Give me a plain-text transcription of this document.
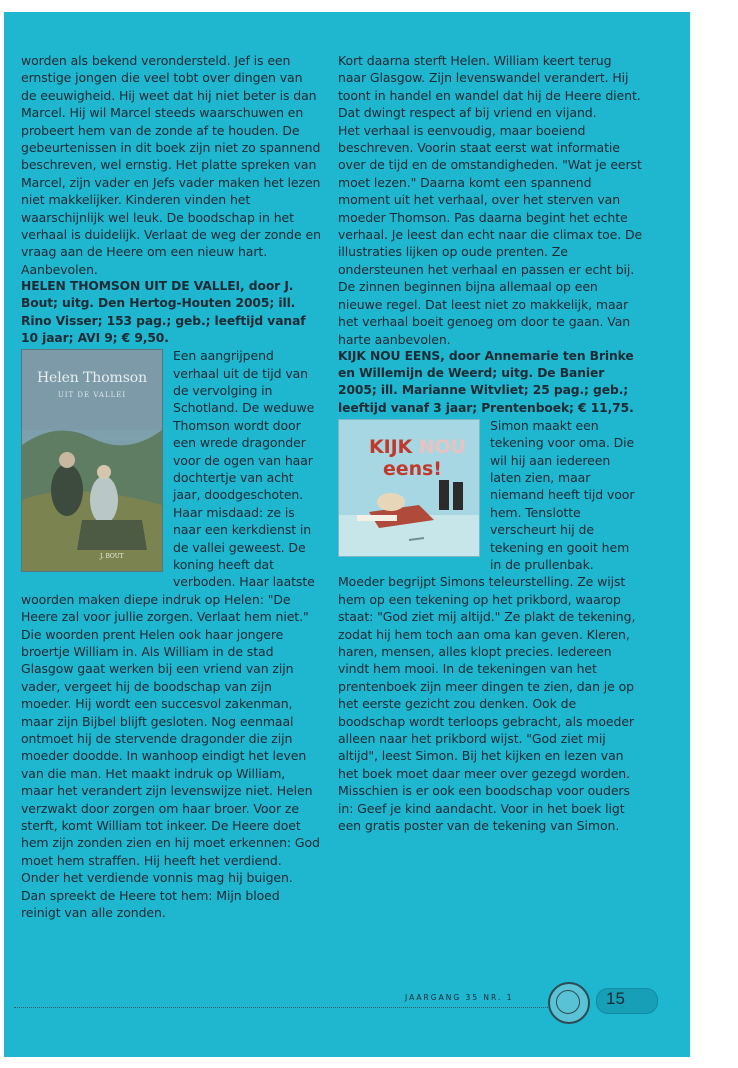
worden als bekend verondersteld. Jef is een ernstige jongen die veel tobt over dingen van de eeuwigheid. Hij weet dat hij niet beter is dan Marcel. Hij wil Marcel steeds waarschuwen en probeert hem van de zonde af te houden. De gebeurtenissen in dit boek zijn niet zo spannend beschreven, wel ernstig. Het platte spreken van Marcel, zijn vader en Jefs vader maken het lezen niet makkelijker. Kinderen vinden het waarschijnlijk wel leuk. De boodschap in het verhaal is duidelijk. Verlaat de weg der zonde en vraag aan de Heere om een nieuw hart. Aanbevolen.

HELEN THOMSON UIT DE VALLEI, door J. Bout; uitg. Den Hertog-Houten 2005; ill. Rino Visser; 153 pag.; geb.; leeftijd vanaf 10 jaar; AVI 9; € 9,50.

Helen Thomson
UIT DE VALLEI
J. BOUT
Een aangrijpend verhaal uit de tijd van de vervolging in Schotland. De weduwe Thomson wordt door een wrede dragonder voor de ogen van haar dochtertje van acht jaar, doodgeschoten. Haar misdaad: ze is naar een kerkdienst in de vallei geweest. De koning heeft dat verboden. Haar laatste woorden maken diepe indruk op Helen: "De Heere zal voor jullie zorgen. Verlaat hem niet." Die woorden prent Helen ook haar jongere broertje William in. Als William in de stad Glasgow gaat werken bij een vriend van zijn vader, vergeet hij de boodschap van zijn moeder. Hij wordt een succesvol zakenman, maar zijn Bijbel blijft gesloten. Nog eenmaal ontmoet hij de stervende dragonder die zijn moeder doodde. In wanhoop eindigt het leven van die man. Het maakt indruk op William, maar het verandert zijn levenswijze niet. Helen verzwakt door zorgen om haar broer. Voor ze sterft, komt William tot inkeer. De Heere doet hem zijn zonden zien en hij moet erkennen: God moet hem straffen. Hij heeft het verdiend. Onder het verdiende vonnis mag hij buigen. Dan spreekt de Heere tot hem: Mijn bloed reinigt van alle zonden.

Kort daarna sterft Helen. William keert terug naar Glasgow. Zijn levenswandel verandert. Hij toont in handel en wandel dat hij de Heere dient. Dat dwingt respect af bij vriend en vijand.

Het verhaal is eenvoudig, maar boeiend beschreven. Voorin staat eerst wat informatie over de tijd en de omstandigheden. "Wat je eerst moet lezen." Daarna komt een spannend moment uit het verhaal, over het sterven van moeder Thomson. Pas daarna begint het echte verhaal. Je leest dan echt naar die climax toe. De illustraties lijken op oude prenten. Ze ondersteunen het verhaal en passen er echt bij. De zinnen beginnen bijna allemaal op een nieuwe regel. Dat leest niet zo makkelijk, maar het verhaal boeit genoeg om door te gaan. Van harte aanbevolen.

KIJK NOU EENS, door Annemarie ten Brinke en Willemijn de Weerd; uitg. De Banier 2005; ill. Marianne Witvliet; 25 pag.; geb.; leeftijd vanaf 3 jaar; Prentenboek; € 11,75.

KIJK NOU
eens!
Simon maakt een tekening voor oma. Die wil hij aan iedereen laten zien, maar niemand heeft tijd voor hem. Tenslotte verscheurt hij de tekening en gooit hem in de prullenbak. Moeder begrijpt Simons teleurstelling. Ze wijst hem op een tekening op het prikbord, waarop staat: "God ziet mij altijd." Ze plakt de tekening, zodat hij hem toch aan oma kan geven. Kleren, haren, mensen, alles klopt precies. Iedereen vindt hem mooi. In de tekeningen van het prentenboek zijn meer dingen te zien, dan je op het eerste gezicht zou denken. Ook de boodschap wordt terloops gebracht, als moeder alleen naar het prikbord wijst. "God ziet mij altijd", leest Simon. Bij het kijken en lezen van het boek moet daar meer over gezegd worden. Misschien is er ook een boodschap voor ouders in: Geef je kind aandacht. Voor in het boek ligt een gratis poster van de tekening van Simon.

JAARGANG 35 NR. 1	15
